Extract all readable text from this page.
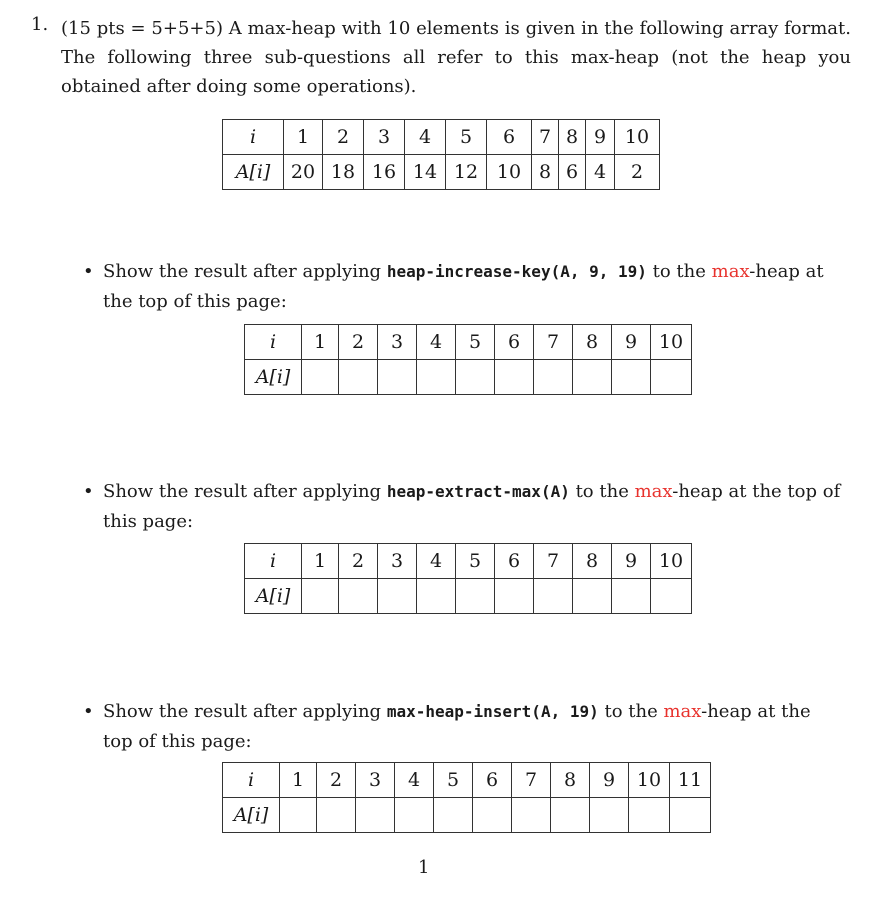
1. (15 pts = 5+5+5) A max-heap with 10 elements is given in the following array format. The following three sub-questions all refer to this max-heap (not the heap you obtained after doing some operations).
i	1	2	3	4	5	6	7	8	9	10
A[i]	20	18	16	14	12	10	8	6	4	2
• Show the result after applying heap-increase-key(A, 9, 19) to the max-heap at the top of this page:
i	1	2	3	4	5	6	7	8	9	10
A[i]										
• Show the result after applying heap-extract-max(A) to the max-heap at the top of this page:
i	1	2	3	4	5	6	7	8	9	10
A[i]										
• Show the result after applying max-heap-insert(A, 19) to the max-heap at the top of this page:
i	1	2	3	4	5	6	7	8	9	10	11
A[i]											
1
